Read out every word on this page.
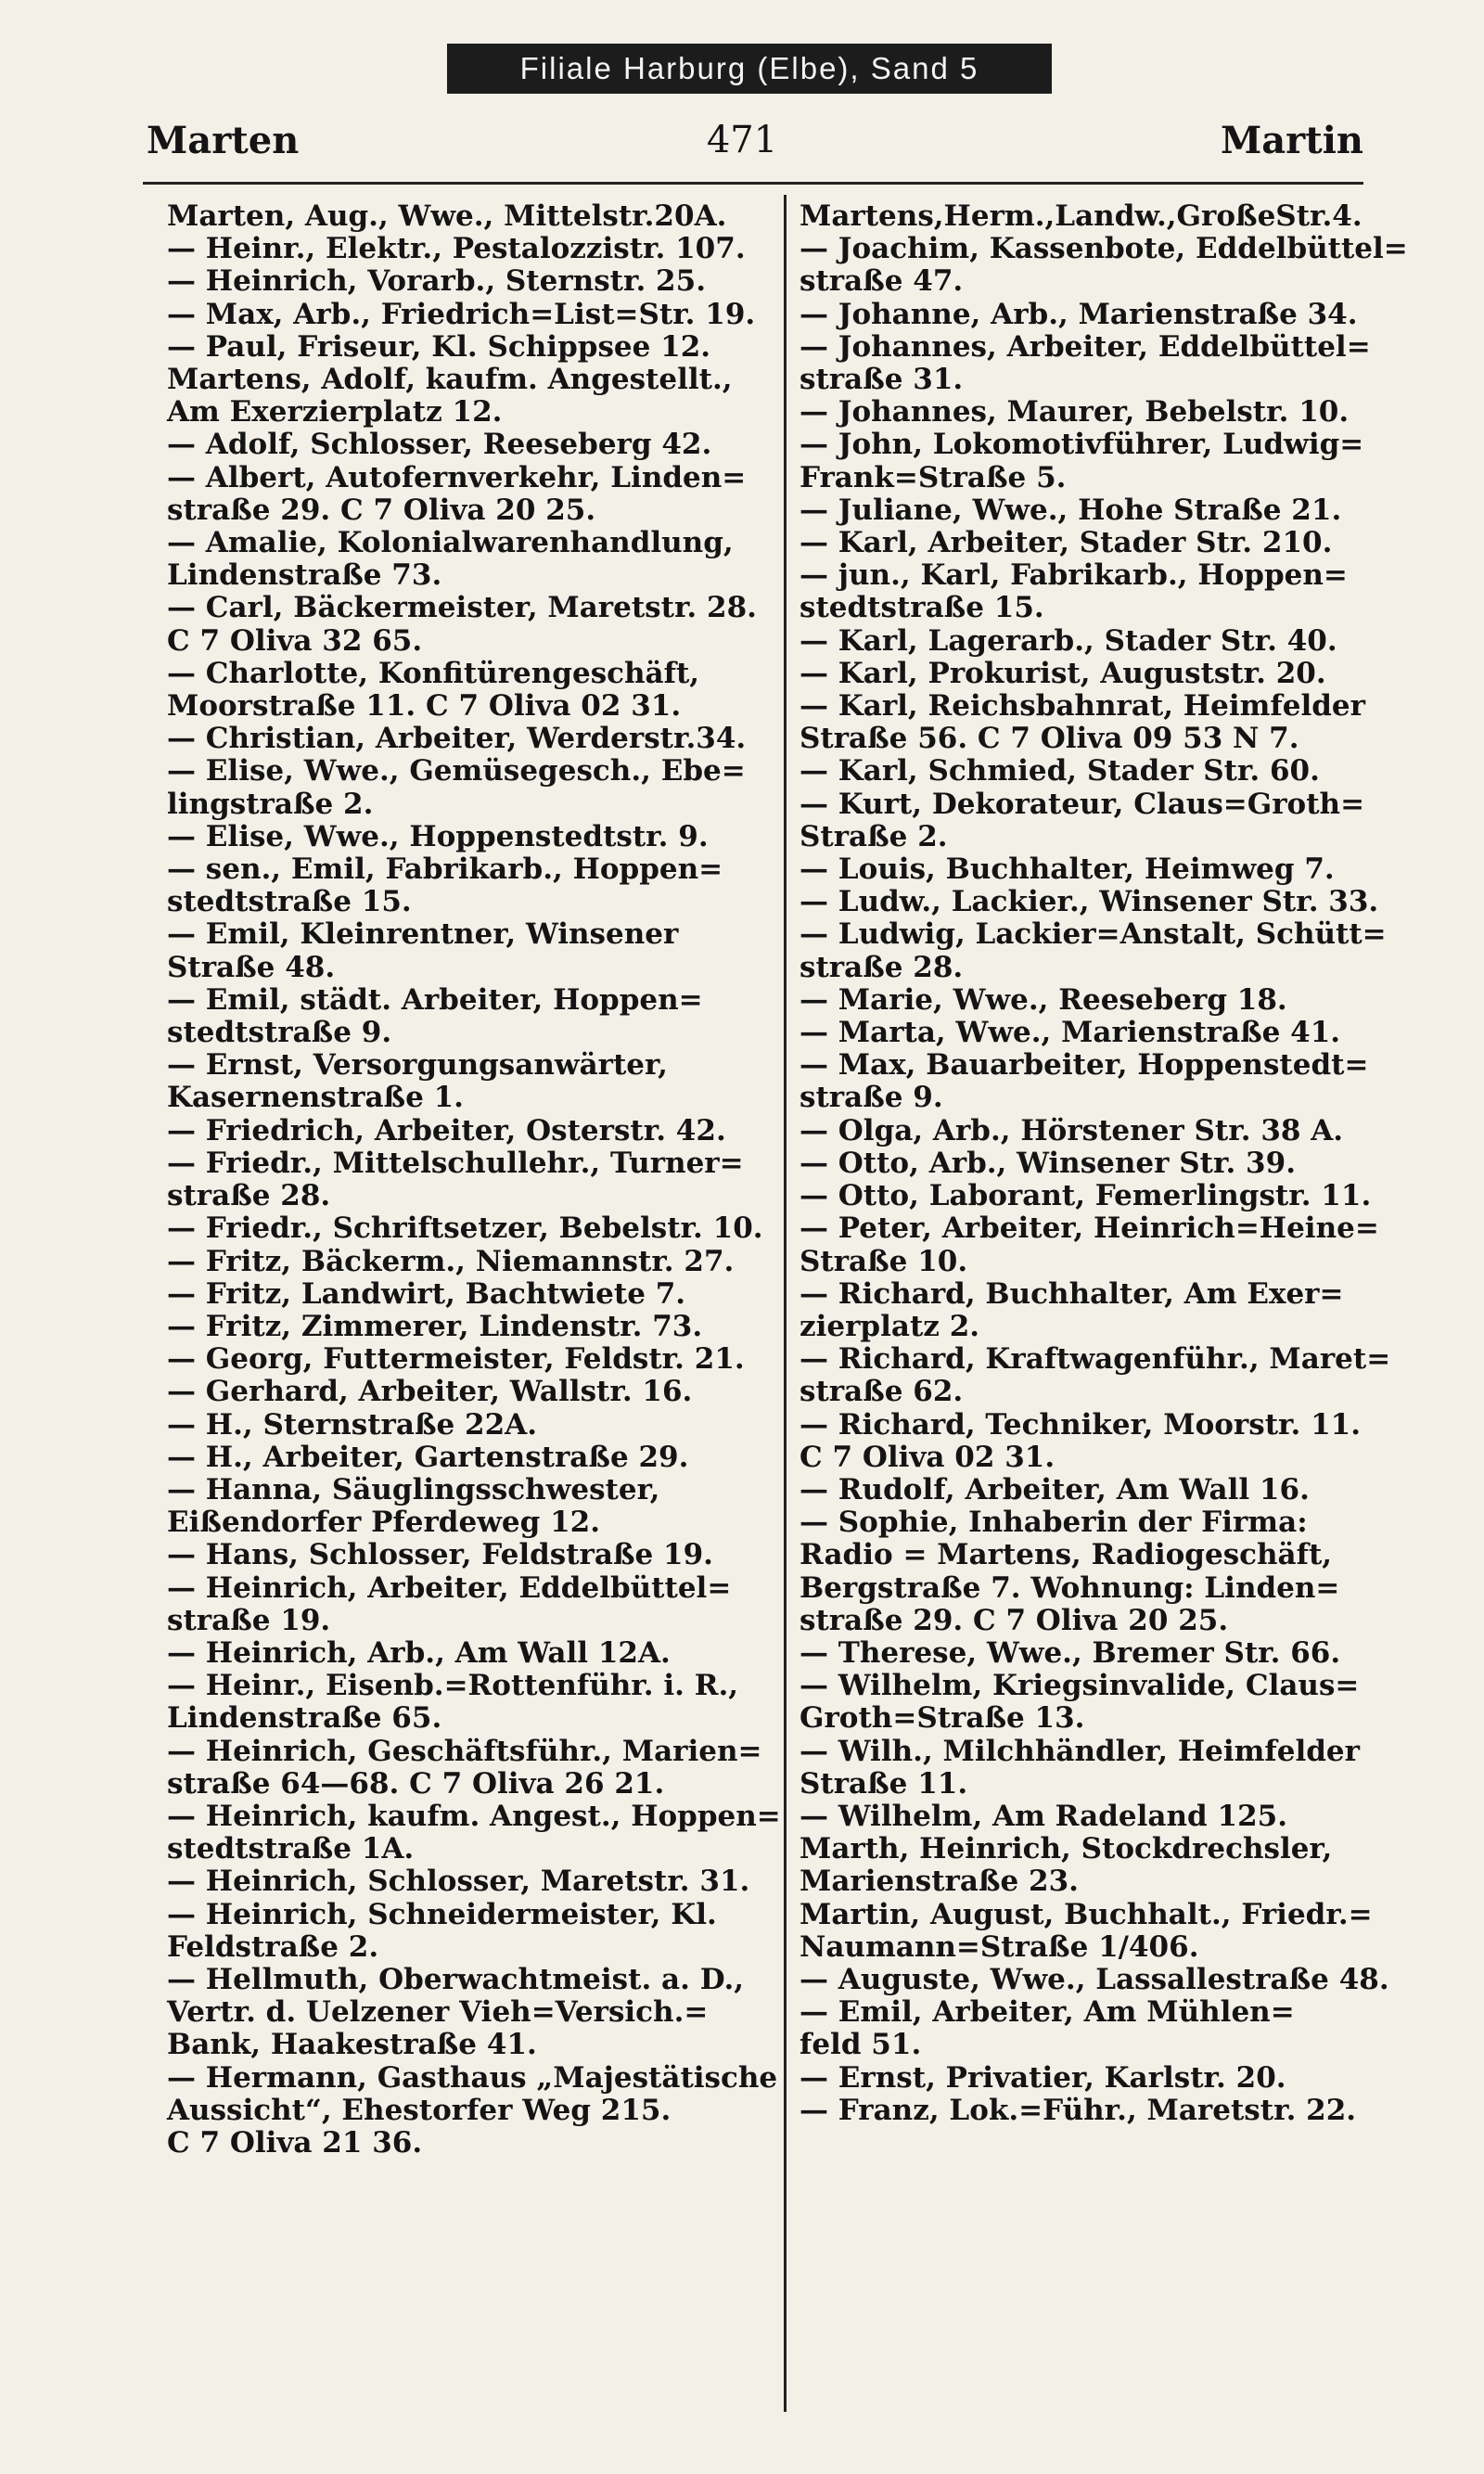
Filiale Harburg (Elbe), Sand 5
Marten	471	Martin

Marten, Aug., Wwe., Mittelstr.20A.

— Heinr., Elektr., Pestalozzistr. 107.

— Heinrich, Vorarb., Sternstr. 25.

— Max, Arb., Friedrich=List=Str. 19.

— Paul, Friseur, Kl. Schippsee 12.

Martens, Adolf, kaufm. Angestellt.,
Am Exerzierplatz 12.

— Adolf, Schlosser, Reeseberg 42.

— Albert, Autofernverkehr, Linden=
straße 29. C 7 Oliva 20 25.

— Amalie, Kolonialwarenhandlung,
Lindenstraße 73.

— Carl, Bäckermeister, Maretstr. 28.
C 7 Oliva 32 65.

— Charlotte, Konfitürengeschäft,
Moorstraße 11. C 7 Oliva 02 31.

— Christian, Arbeiter, Werderstr.34.

— Elise, Wwe., Gemüsegesch., Ebe=
lingstraße 2.

— Elise, Wwe., Hoppenstedtstr. 9.

— sen., Emil, Fabrikarb., Hoppen=
stedtstraße 15.

— Emil, Kleinrentner, Winsener
Straße 48.

— Emil, städt. Arbeiter, Hoppen=
stedtstraße 9.

— Ernst, Versorgungsanwärter,
Kasernenstraße 1.

— Friedrich, Arbeiter, Osterstr. 42.

— Friedr., Mittelschullehr., Turner=
straße 28.

— Friedr., Schriftsetzer, Bebelstr. 10.

— Fritz, Bäckerm., Niemannstr. 27.

— Fritz, Landwirt, Bachtwiete 7.

— Fritz, Zimmerer, Lindenstr. 73.

— Georg, Futtermeister, Feldstr. 21.

— Gerhard, Arbeiter, Wallstr. 16.

— H., Sternstraße 22A.

— H., Arbeiter, Gartenstraße 29.

— Hanna, Säuglingsschwester,
Eißendorfer Pferdeweg 12.

— Hans, Schlosser, Feldstraße 19.

— Heinrich, Arbeiter, Eddelbüttel=
straße 19.

— Heinrich, Arb., Am Wall 12A.

— Heinr., Eisenb.=Rottenführ. i. R.,
Lindenstraße 65.

— Heinrich, Geschäftsführ., Marien=
straße 64—68. C 7 Oliva 26 21.

— Heinrich, kaufm. Angest., Hoppen=
stedtstraße 1A.

— Heinrich, Schlosser, Maretstr. 31.

— Heinrich, Schneidermeister, Kl.
Feldstraße 2.

— Hellmuth, Oberwachtmeist. a. D.,
Vertr. d. Uelzener Vieh=Versich.=
Bank, Haakestraße 41.

— Hermann, Gasthaus „Majestätische
Aussicht“, Ehestorfer Weg 215.
C 7 Oliva 21 36.

Martens,Herm.,Landw.,GroßeStr.4.

— Joachim, Kassenbote, Eddelbüttel=
straße 47.

— Johanne, Arb., Marienstraße 34.

— Johannes, Arbeiter, Eddelbüttel=
straße 31.

— Johannes, Maurer, Bebelstr. 10.

— John, Lokomotivführer, Ludwig=
Frank=Straße 5.

— Juliane, Wwe., Hohe Straße 21.

— Karl, Arbeiter, Stader Str. 210.

— jun., Karl, Fabrikarb., Hoppen=
stedtstraße 15.

— Karl, Lagerarb., Stader Str. 40.

— Karl, Prokurist, Auguststr. 20.

— Karl, Reichsbahnrat, Heimfelder
Straße 56. C 7 Oliva 09 53 N 7.

— Karl, Schmied, Stader Str. 60.

— Kurt, Dekorateur, Claus=Groth=
Straße 2.

— Louis, Buchhalter, Heimweg 7.

— Ludw., Lackier., Winsener Str. 33.

— Ludwig, Lackier=Anstalt, Schütt=
straße 28.

— Marie, Wwe., Reeseberg 18.

— Marta, Wwe., Marienstraße 41.

— Max, Bauarbeiter, Hoppenstedt=
straße 9.

— Olga, Arb., Hörstener Str. 38 A.

— Otto, Arb., Winsener Str. 39.

— Otto, Laborant, Femerlingstr. 11.

— Peter, Arbeiter, Heinrich=Heine=
Straße 10.

— Richard, Buchhalter, Am Exer=
zierplatz 2.

— Richard, Kraftwagenführ., Maret=
straße 62.

— Richard, Techniker, Moorstr. 11.
C 7 Oliva 02 31.

— Rudolf, Arbeiter, Am Wall 16.

— Sophie, Inhaberin der Firma:
Radio = Martens, Radiogeschäft,
Bergstraße 7. Wohnung: Linden=
straße 29. C 7 Oliva 20 25.

— Therese, Wwe., Bremer Str. 66.

— Wilhelm, Kriegsinvalide, Claus=
Groth=Straße 13.

— Wilh., Milchhändler, Heimfelder
Straße 11.

— Wilhelm, Am Radeland 125.

Marth, Heinrich, Stockdrechsler,
Marienstraße 23.

Martin, August, Buchhalt., Friedr.=
Naumann=Straße 1/406.

— Auguste, Wwe., Lassallestraße 48.

— Emil, Arbeiter, Am Mühlen=
feld 51.

— Ernst, Privatier, Karlstr. 20.

— Franz, Lok.=Führ., Maretstr. 22.
